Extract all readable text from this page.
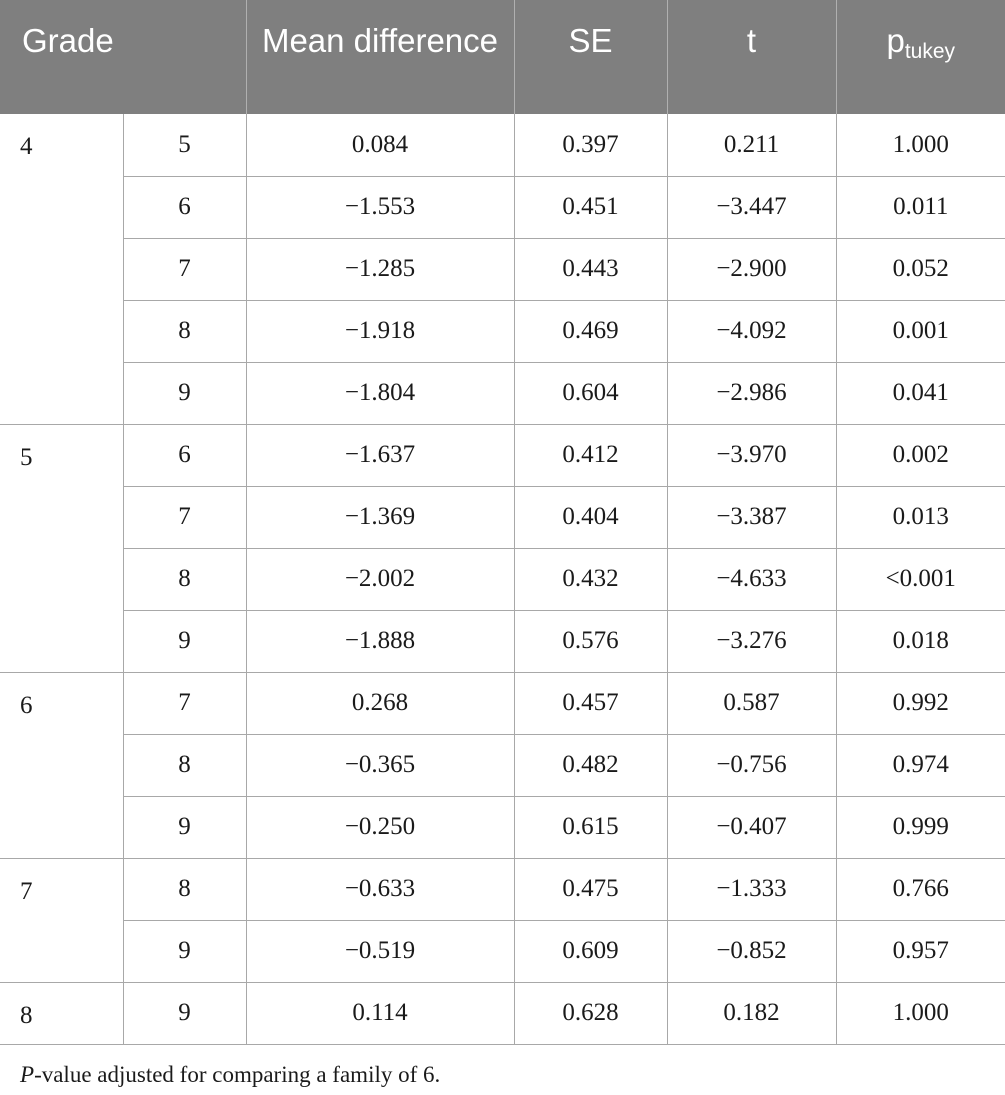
Grade		Mean difference	SE	t	$p_{tukey}$
4	5	0.084	0.397	0.211	1.000
	6	−1.553	0.451	−3.447	0.011
	7	−1.285	0.443	−2.900	0.052
	8	−1.918	0.469	−4.092	0.001
	9	−1.804	0.604	−2.986	0.041
5	6	−1.637	0.412	−3.970	0.002
	7	−1.369	0.404	−3.387	0.013
	8	−2.002	0.432	−4.633	<0.001
	9	−1.888	0.576	−3.276	0.018
6	7	0.268	0.457	0.587	0.992
	8	−0.365	0.482	−0.756	0.974
	9	−0.250	0.615	−0.407	0.999
7	8	−0.633	0.475	−1.333	0.766
	9	−0.519	0.609	−0.852	0.957
8	9	0.114	0.628	0.182	1.000

P-value adjusted for comparing a family of 6.
